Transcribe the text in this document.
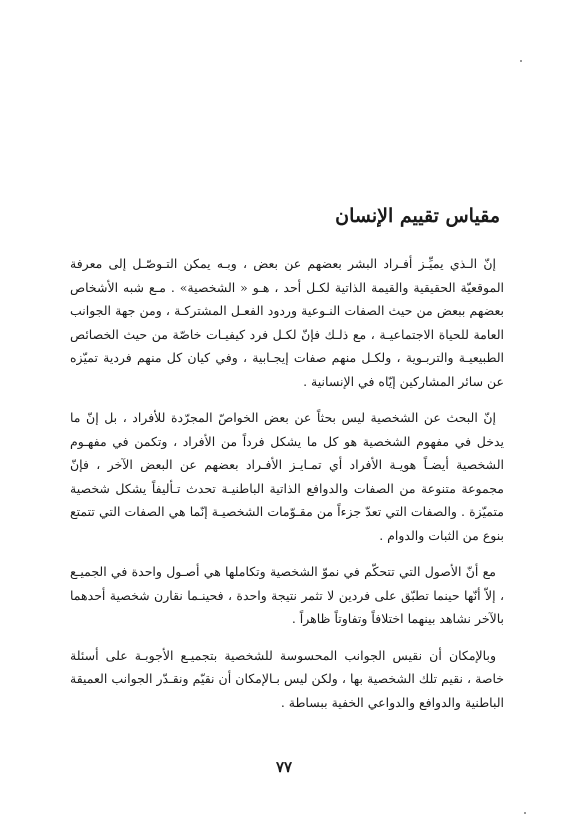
مقياس تقييم الإنسان

إنّ الـذي يميِّـز أفـراد البشر بعضهم عن بعض ، وبـه يمكن التـوصّـل إلى معرفة الموقعيّة الحقيقية والقيمة الذاتية لكـل أحد ، هـو « الشخصية» . مـع شبه الأشخاص بعضهم ببعض من حيث الصفات النـوعية وردود الفعـل المشتركـة ، ومن جهة الجوانب العامة للحياة الاجتماعيـة ، مع ذلـك فإنّ لكـل فرد كيفيـات خاصّة من حيث الخصائص الطبيعيـة والتربـوية ، ولكـل منهم صفات إيجـابية ، وفي كيان كل منهم فردية تميّزه عن سائر المشاركين إيّاه في الإنسانية .

إنّ البحث عن الشخصية ليس بحثاً عن بعض الخواصّ المجرّدة للأفراد ، بل إنّ ما يدخل في مفهوم الشخصية هو كل ما يشكل فرداً من الأفراد ، وتكمن في مفهـوم الشخصية أيضـاً هويـة الأفراد أي تمـايـز الأفـراد بعضهم عن البعض الآخر ، فإنّ مجموعة متنوعة من الصفات والدوافع الذاتية الباطنيـة تحدث تـأليفاً يشكل شخصية متميّزة . والصفات التي تعدّ جزءاً من مقـوّمات الشخصيـة إنّما هي الصفات التي تتمتع بنوع من الثبات والدوام .

مع أنّ الأصول التي تتحكّم في نموّ الشخصية وتكاملها هي أصـول واحدة في الجميـع ، إلاّ أنّها حينما تطبّق على فردين لا تثمر نتيجة واحدة ، فحينـما نقارن شخصية أحدهما بالآخر نشاهد بينهما اختلافاً وتفاوتاً ظاهراً .

وبالإمكان أن نقيس الجوانب المحسوسة للشخصية بتجميـع الأجوبـة على أسئلة خاصة ، نقيم تلك الشخصية بها ، ولكن ليس بـالإمكان أن نقيّم ونقـدّر الجوانب العميقة الباطنية والدوافع والدواعي الخفية ببساطة .

٧٧
